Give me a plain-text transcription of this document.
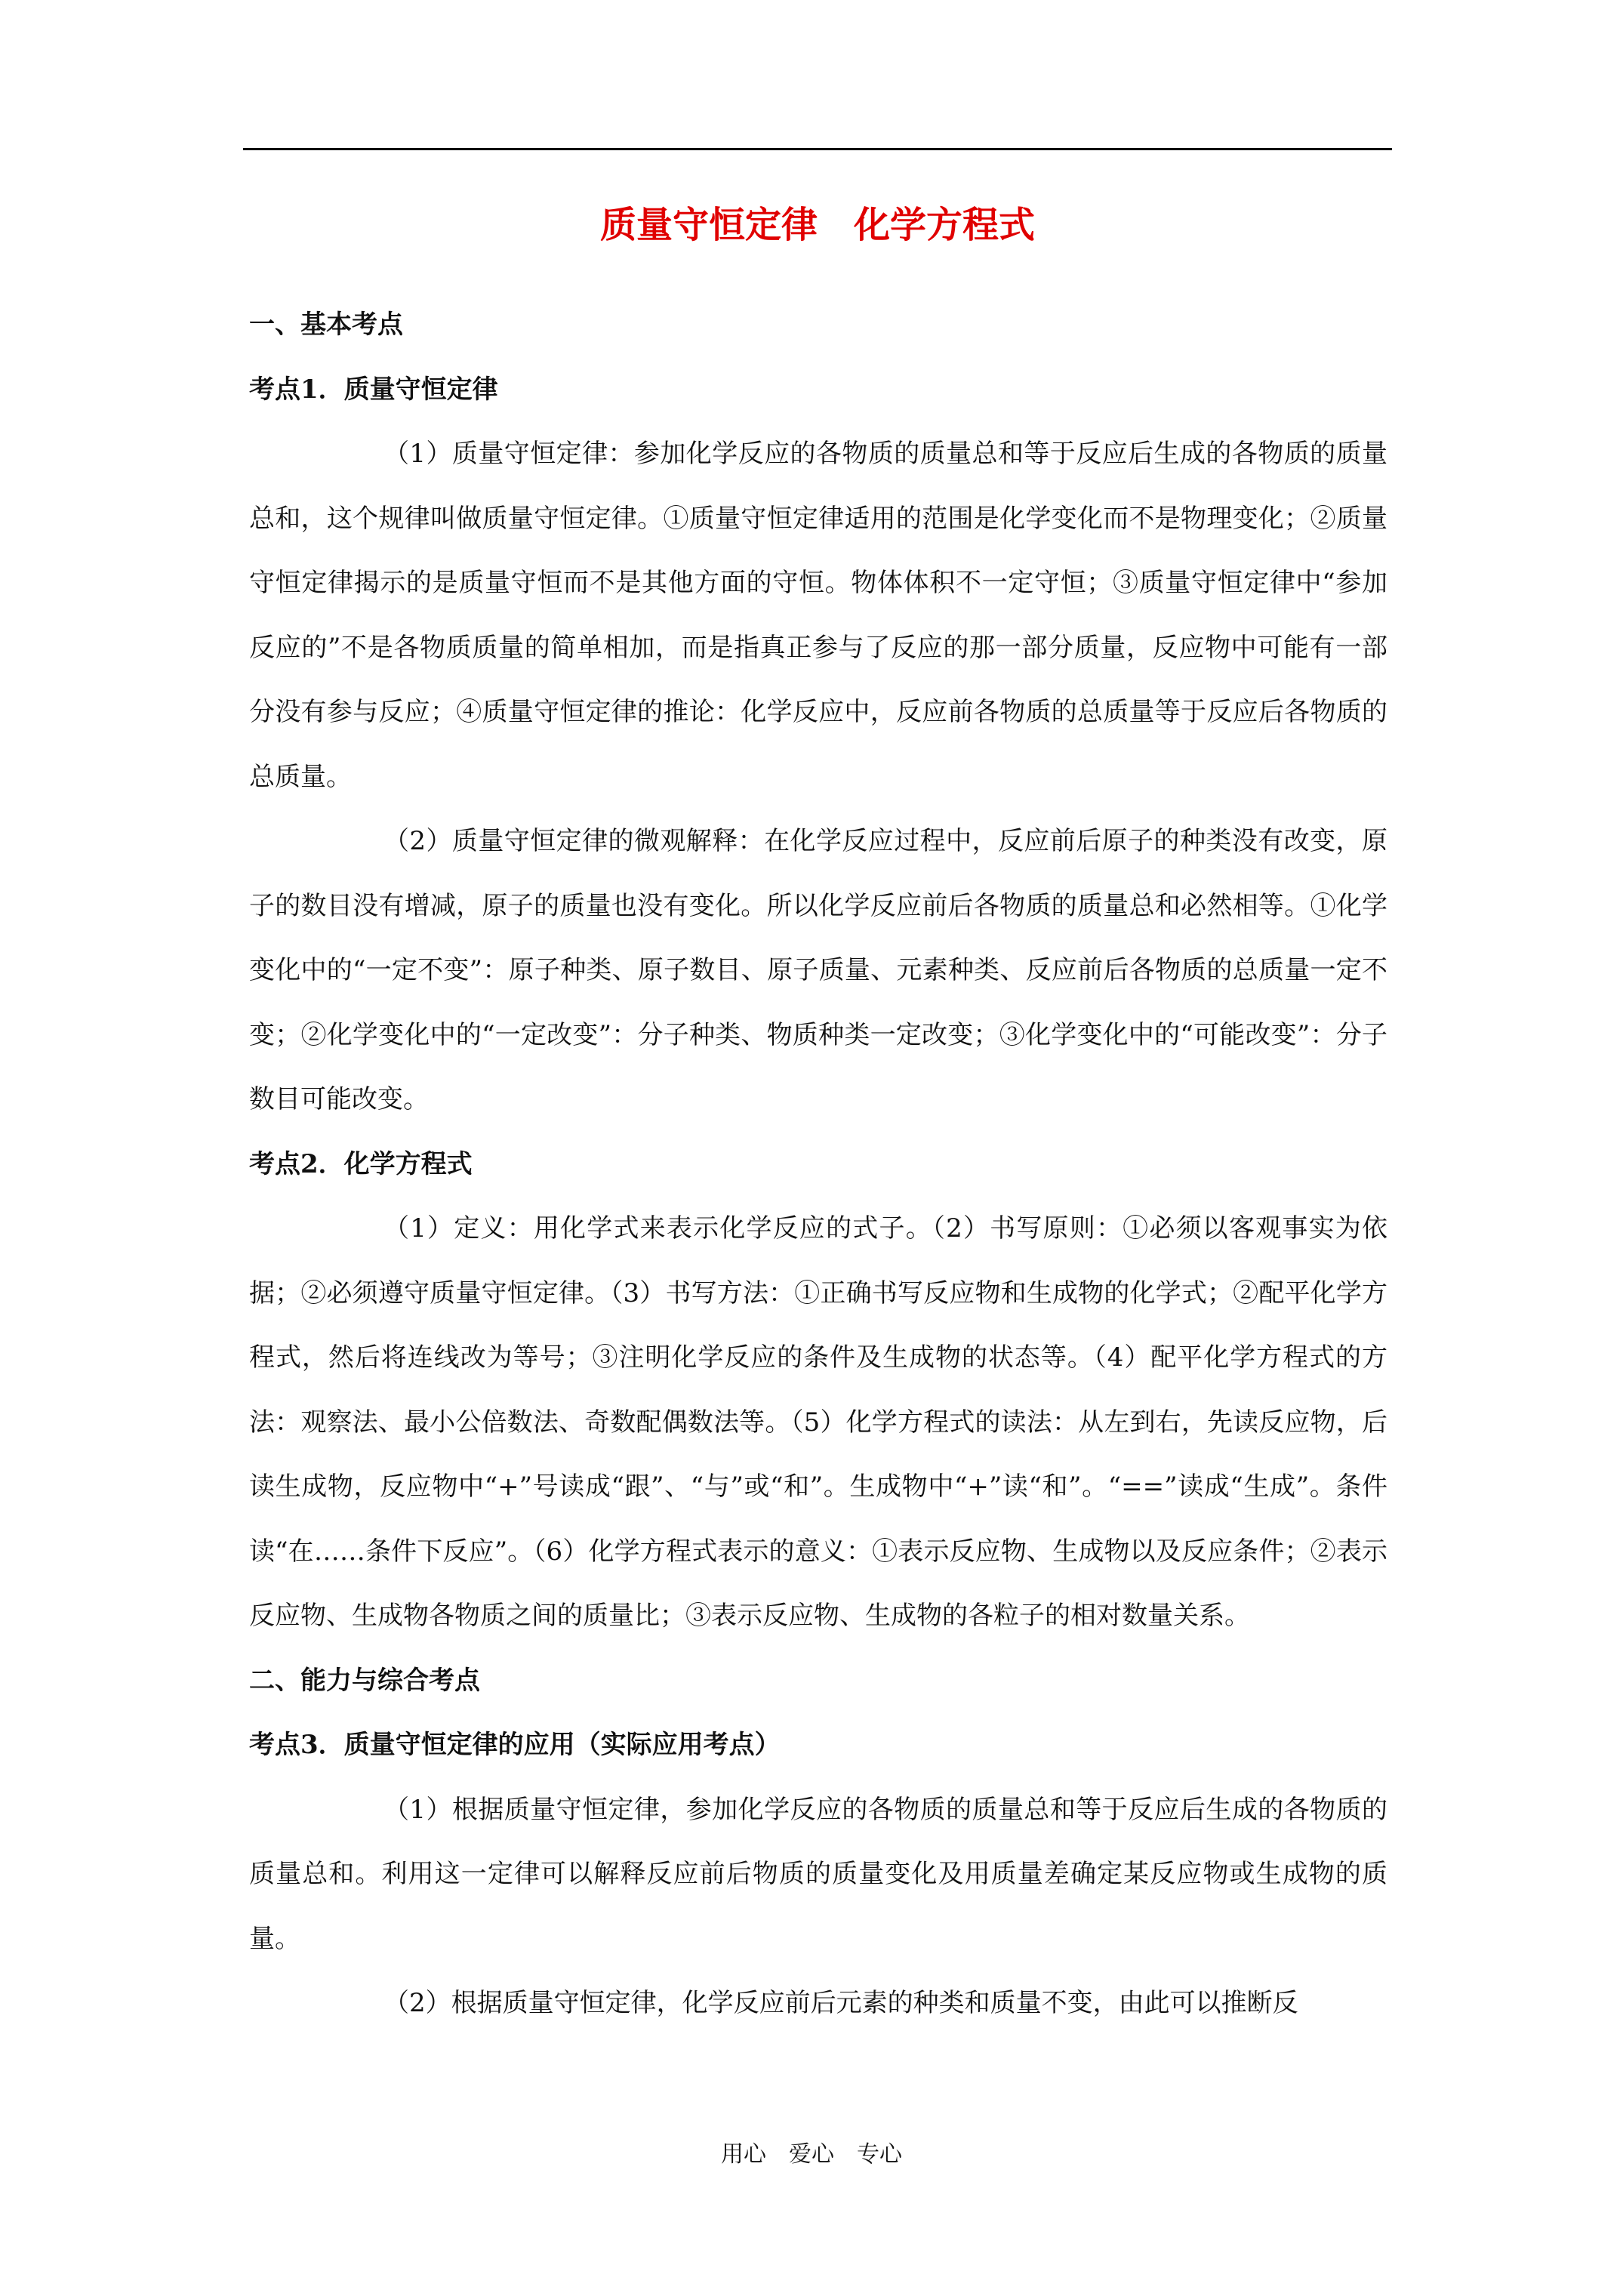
质量守恒定律　化学方程式
一、基本考点
考点1．质量守恒定律

（1）质量守恒定律：参加化学反应的各物质的质量总和等于反应后生成的各物质的质量总和，这个规律叫做质量守恒定律。①质量守恒定律适用的范围是化学变化而不是物理变化；②质量守恒定律揭示的是质量守恒而不是其他方面的守恒。物体体积不一定守恒；③质量守恒定律中“参加反应的”不是各物质质量的简单相加，而是指真正参与了反应的那一部分质量，反应物中可能有一部分没有参与反应；④质量守恒定律的推论：化学反应中，反应前各物质的总质量等于反应后各物质的总质量。

（2）质量守恒定律的微观解释：在化学反应过程中，反应前后原子的种类没有改变，原子的数目没有增减，原子的质量也没有变化。所以化学反应前后各物质的质量总和必然相等。①化学变化中的“一定不变”：原子种类、原子数目、原子质量、元素种类、反应前后各物质的总质量一定不变；②化学变化中的“一定改变”：分子种类、物质种类一定改变；③化学变化中的“可能改变”：分子数目可能改变。

考点2．化学方程式

（1）定义：用化学式来表示化学反应的式子。（2）书写原则：①必须以客观事实为依据；②必须遵守质量守恒定律。（3）书写方法：①正确书写反应物和生成物的化学式；②配平化学方程式，然后将连线改为等号；③注明化学反应的条件及生成物的状态等。（4）配平化学方程式的方法：观察法、最小公倍数法、奇数配偶数法等。（5）化学方程式的读法：从左到右，先读反应物，后读生成物，反应物中“+”号读成“跟”、“与”或“和”。生成物中“+”读“和”。“==”读成“生成”。条件读“在……条件下反应”。（6）化学方程式表示的意义：①表示反应物、生成物以及反应条件；②表示反应物、生成物各物质之间的质量比；③表示反应物、生成物的各粒子的相对数量关系。

二、能力与综合考点
考点3．质量守恒定律的应用（实际应用考点）

（1）根据质量守恒定律，参加化学反应的各物质的质量总和等于反应后生成的各物质的质量总和。利用这一定律可以解释反应前后物质的质量变化及用质量差确定某反应物或生成物的质量。

（2）根据质量守恒定律，化学反应前后元素的种类和质量不变，由此可以推断反

用心　爱心　专心
